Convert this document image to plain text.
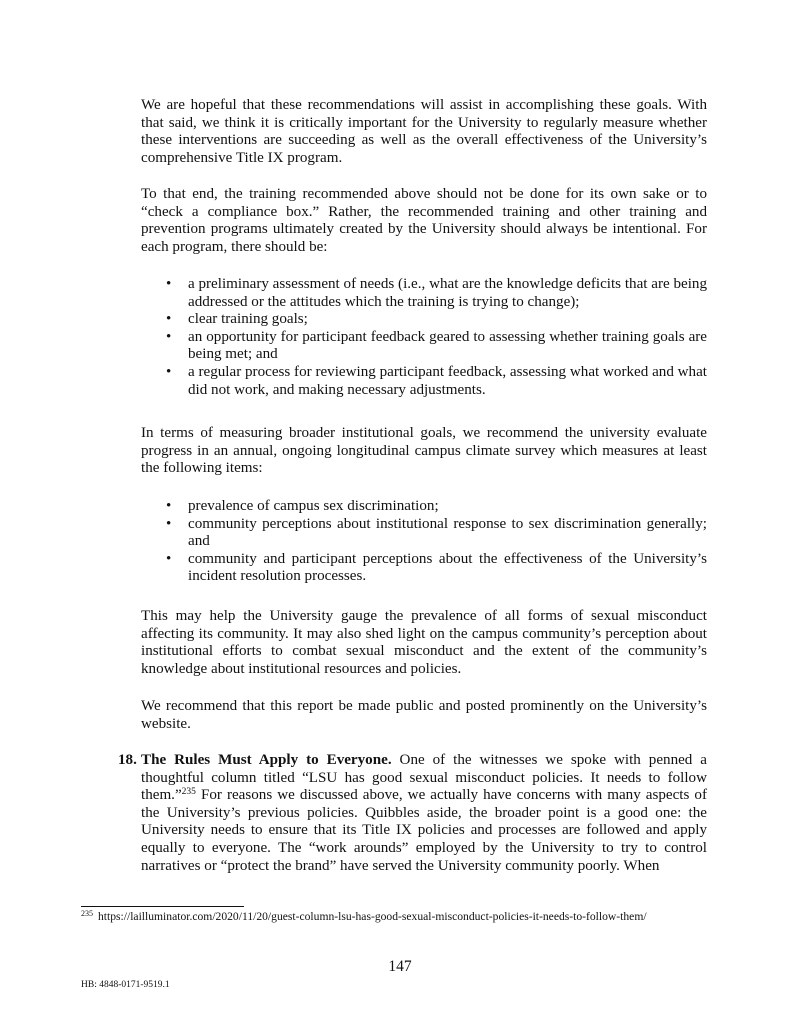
We are hopeful that these recommendations will assist in accomplishing these goals. With that said, we think it is critically important for the University to regularly measure whether these interventions are succeeding as well as the overall effectiveness of the University’s comprehensive Title IX program.

To that end, the training recommended above should not be done for its own sake or to “check a compliance box.” Rather, the recommended training and other training and prevention programs ultimately created by the University should always be intentional. For each program, there should be:

• a preliminary assessment of needs (i.e., what are the knowledge deficits that are being addressed or the attitudes which the training is trying to change);
• clear training goals;
• an opportunity for participant feedback geared to assessing whether training goals are being met; and
• a regular process for reviewing participant feedback, assessing what worked and what did not work, and making necessary adjustments.

In terms of measuring broader institutional goals, we recommend the university evaluate progress in an annual, ongoing longitudinal campus climate survey which measures at least the following items:

• prevalence of campus sex discrimination;
• community perceptions about institutional response to sex discrimination generally; and
• community and participant perceptions about the effectiveness of the University’s incident resolution processes.

This may help the University gauge the prevalence of all forms of sexual misconduct affecting its community. It may also shed light on the campus community’s perception about institutional efforts to combat sexual misconduct and the extent of the community’s knowledge about institutional resources and policies.

We recommend that this report be made public and posted prominently on the University’s website.

18. The Rules Must Apply to Everyone. One of the witnesses we spoke with penned a thoughtful column titled “LSU has good sexual misconduct policies. It needs to follow them.”$^{235}$ For reasons we discussed above, we actually have concerns with many aspects of the University’s previous policies. Quibbles aside, the broader point is a good one: the University needs to ensure that its Title IX policies and processes are followed and apply equally to everyone. The “work arounds” employed by the University to try to control narratives or “protect the brand” have served the University community poorly. When

$^{235}$ https://lailluminator.com/2020/11/20/guest-column-lsu-has-good-sexual-misconduct-policies-it-needs-to-follow-them/

147
HB: 4848-0171-9519.1
